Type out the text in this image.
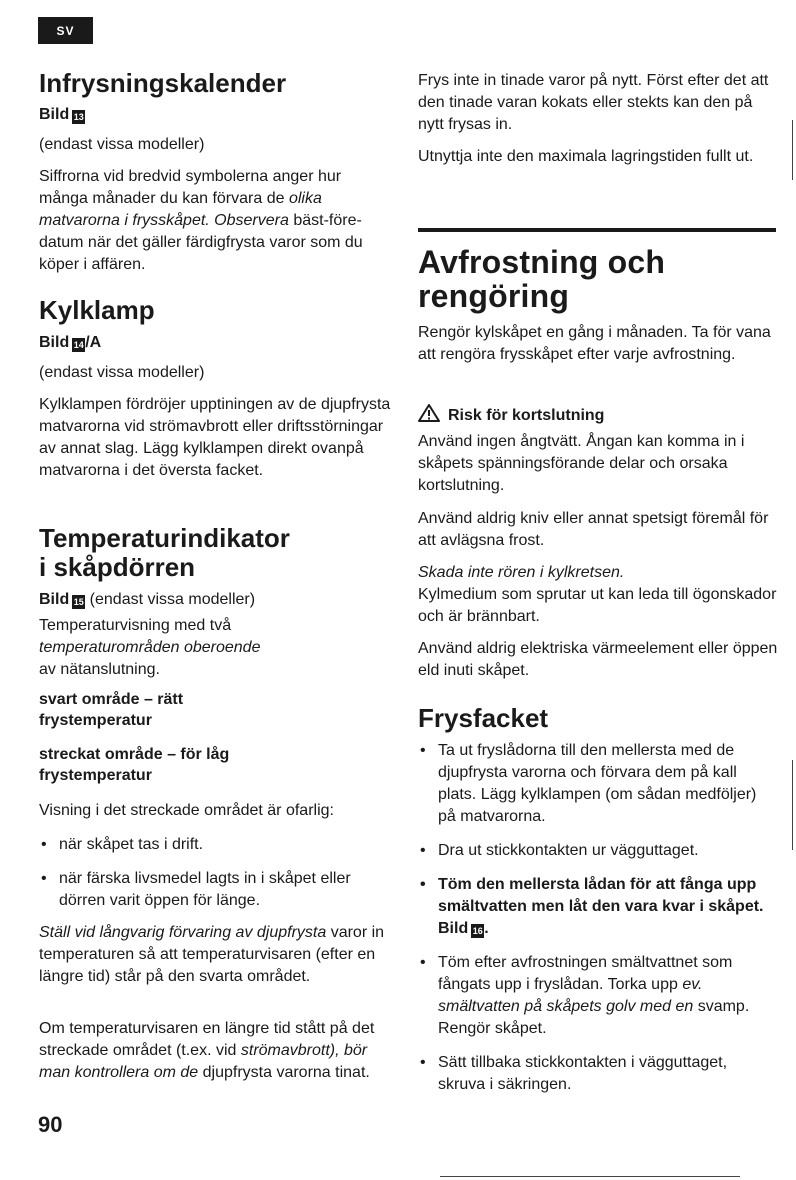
SV
Infrysningskalender
Bild 13
(endast vissa modeller)
Siffrorna vid bredvid symbolerna anger hur många månader du kan förvara de olika matvarorna i frysskåpet. Observera bäst-före-datum när det gäller färdigfrysta varor som du köper i affären.
Kylklamp
Bild 14/A
(endast vissa modeller)
Kylklampen fördröjer upptiningen av de djupfrysta matvarorna vid strömavbrott eller driftsstörningar av annat slag. Lägg kylklampen direkt ovanpå matvarorna i det översta facket.
Temperaturindikator
i skåpdörren
Bild 15 (endast vissa modeller)
Temperaturvisning med två
temperaturområden oberoende
av nätanslutning.
svart område – rätt frystemperatur
streckat område – för låg frystemperatur
Visning i det streckade området är ofarlig:
• när skåpet tas i drift.
• när färska livsmedel lagts in i skåpet eller dörren varit öppen för länge.
Ställ vid långvarig förvaring av djupfrysta varor in temperaturen så att temperaturvisaren (efter en längre tid) står på den svarta området.
Om temperaturvisaren en längre tid stått på det streckade området (t.ex. vid strömavbrott), bör man kontrollera om de djupfrysta varorna tinat.
90
Frys inte in tinade varor på nytt. Först efter det att den tinade varan kokats eller stekts kan den på nytt frysas in.
Utnyttja inte den maximala lagringstiden fullt ut.
Avfrostning och
rengöring
Rengör kylskåpet en gång i månaden. Ta för vana att rengöra frysskåpet efter varje avfrostning.
Risk för kortslutning
Använd ingen ångtvätt. Ångan kan komma in i skåpets spänningsförande delar och orsaka kortslutning.
Använd aldrig kniv eller annat spetsigt föremål för att avlägsna frost.
Skada inte rören i kylkretsen.
Kylmedium som sprutar ut kan leda till ögonskador och är brännbart.
Använd aldrig elektriska värmeelement eller öppen eld inuti skåpet.
Frysfacket
• Ta ut fryslådorna till den mellersta med de djupfrysta varorna och förvara dem på kall plats. Lägg kylklampen (om sådan medföljer) på matvarorna.
• Dra ut stickkontakten ur vägguttaget.
• Töm den mellersta lådan för att fånga upp smältvatten men låt den vara kvar i skåpet. Bild 16.
• Töm efter avfrostningen smältvattnet som fångats upp i fryslådan. Torka upp ev. smältvatten på skåpets golv med en svamp. Rengör skåpet.
• Sätt tillbaka stickkontakten i vägguttaget, skruva i säkringen.
